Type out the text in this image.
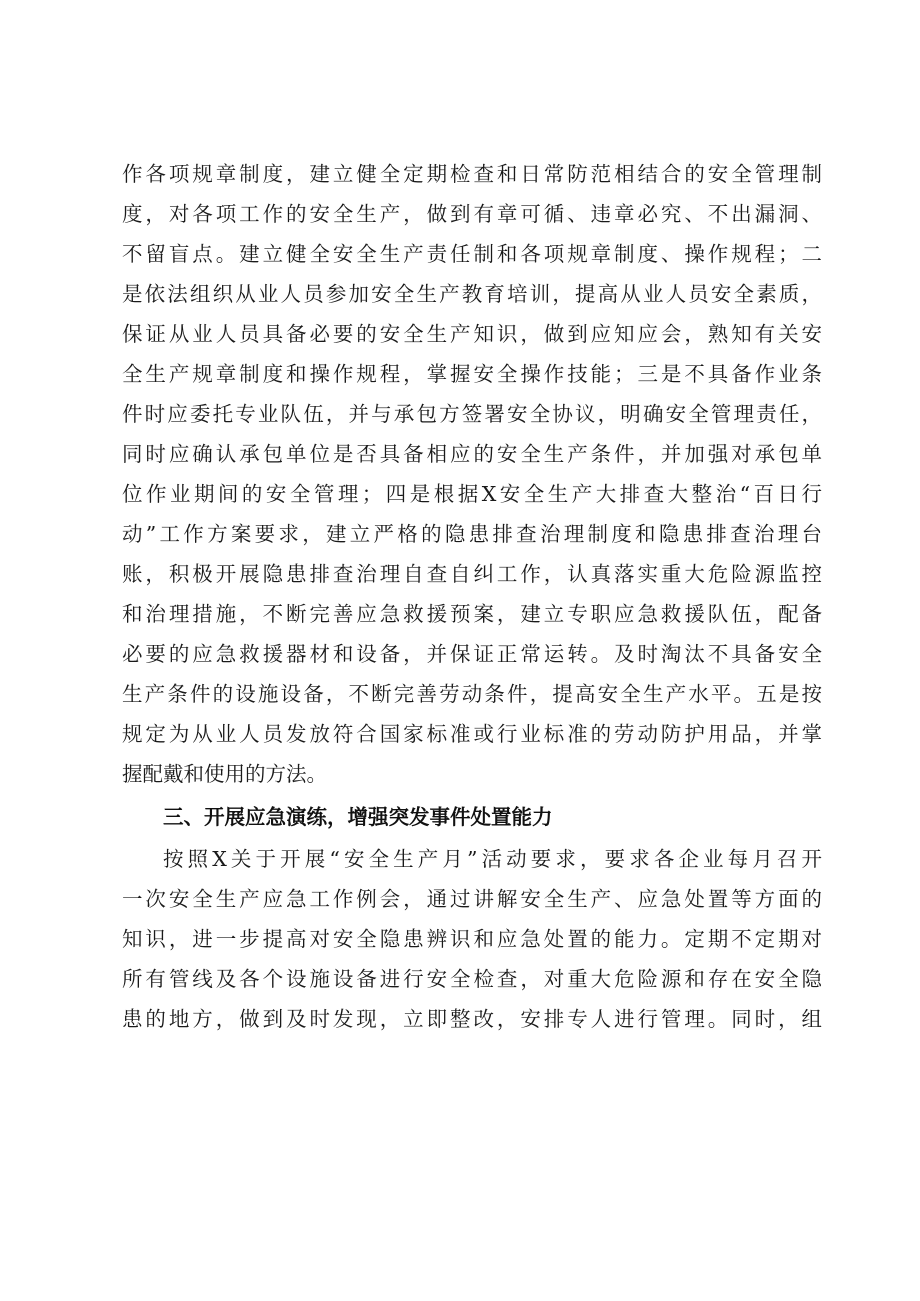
作各项规章制度，建立健全定期检查和日常防范相结合的安全管理制
度，对各项工作的安全生产，做到有章可循、违章必究、不出漏洞、
不留盲点。建立健全安全生产责任制和各项规章制度、操作规程；二
是依法组织从业人员参加安全生产教育培训，提高从业人员安全素质，
保证从业人员具备必要的安全生产知识，做到应知应会，熟知有关安
全生产规章制度和操作规程，掌握安全操作技能；三是不具备作业条
件时应委托专业队伍，并与承包方签署安全协议，明确安全管理责任，
同时应确认承包单位是否具备相应的安全生产条件，并加强对承包单
位作业期间的安全管理；四是根据X安全生产大排查大整治“百日行
动”工作方案要求，建立严格的隐患排查治理制度和隐患排查治理台
账，积极开展隐患排查治理自查自纠工作，认真落实重大危险源监控
和治理措施，不断完善应急救援预案，建立专职应急救援队伍，配备
必要的应急救援器材和设备，并保证正常运转。及时淘汰不具备安全
生产条件的设施设备，不断完善劳动条件，提高安全生产水平。五是按
规定为从业人员发放符合国家标准或行业标准的劳动防护用品，并掌
握配戴和使用的方法。
三、开展应急演练，增强突发事件处置能力
按照X关于开展“安全生产月”活动要求，要求各企业每月召开
一次安全生产应急工作例会，通过讲解安全生产、应急处置等方面的
知识，进一步提高对安全隐患辨识和应急处置的能力。定期不定期对
所有管线及各个设施设备进行安全检查，对重大危险源和存在安全隐
患的地方，做到及时发现，立即整改，安排专人进行管理。同时，组
